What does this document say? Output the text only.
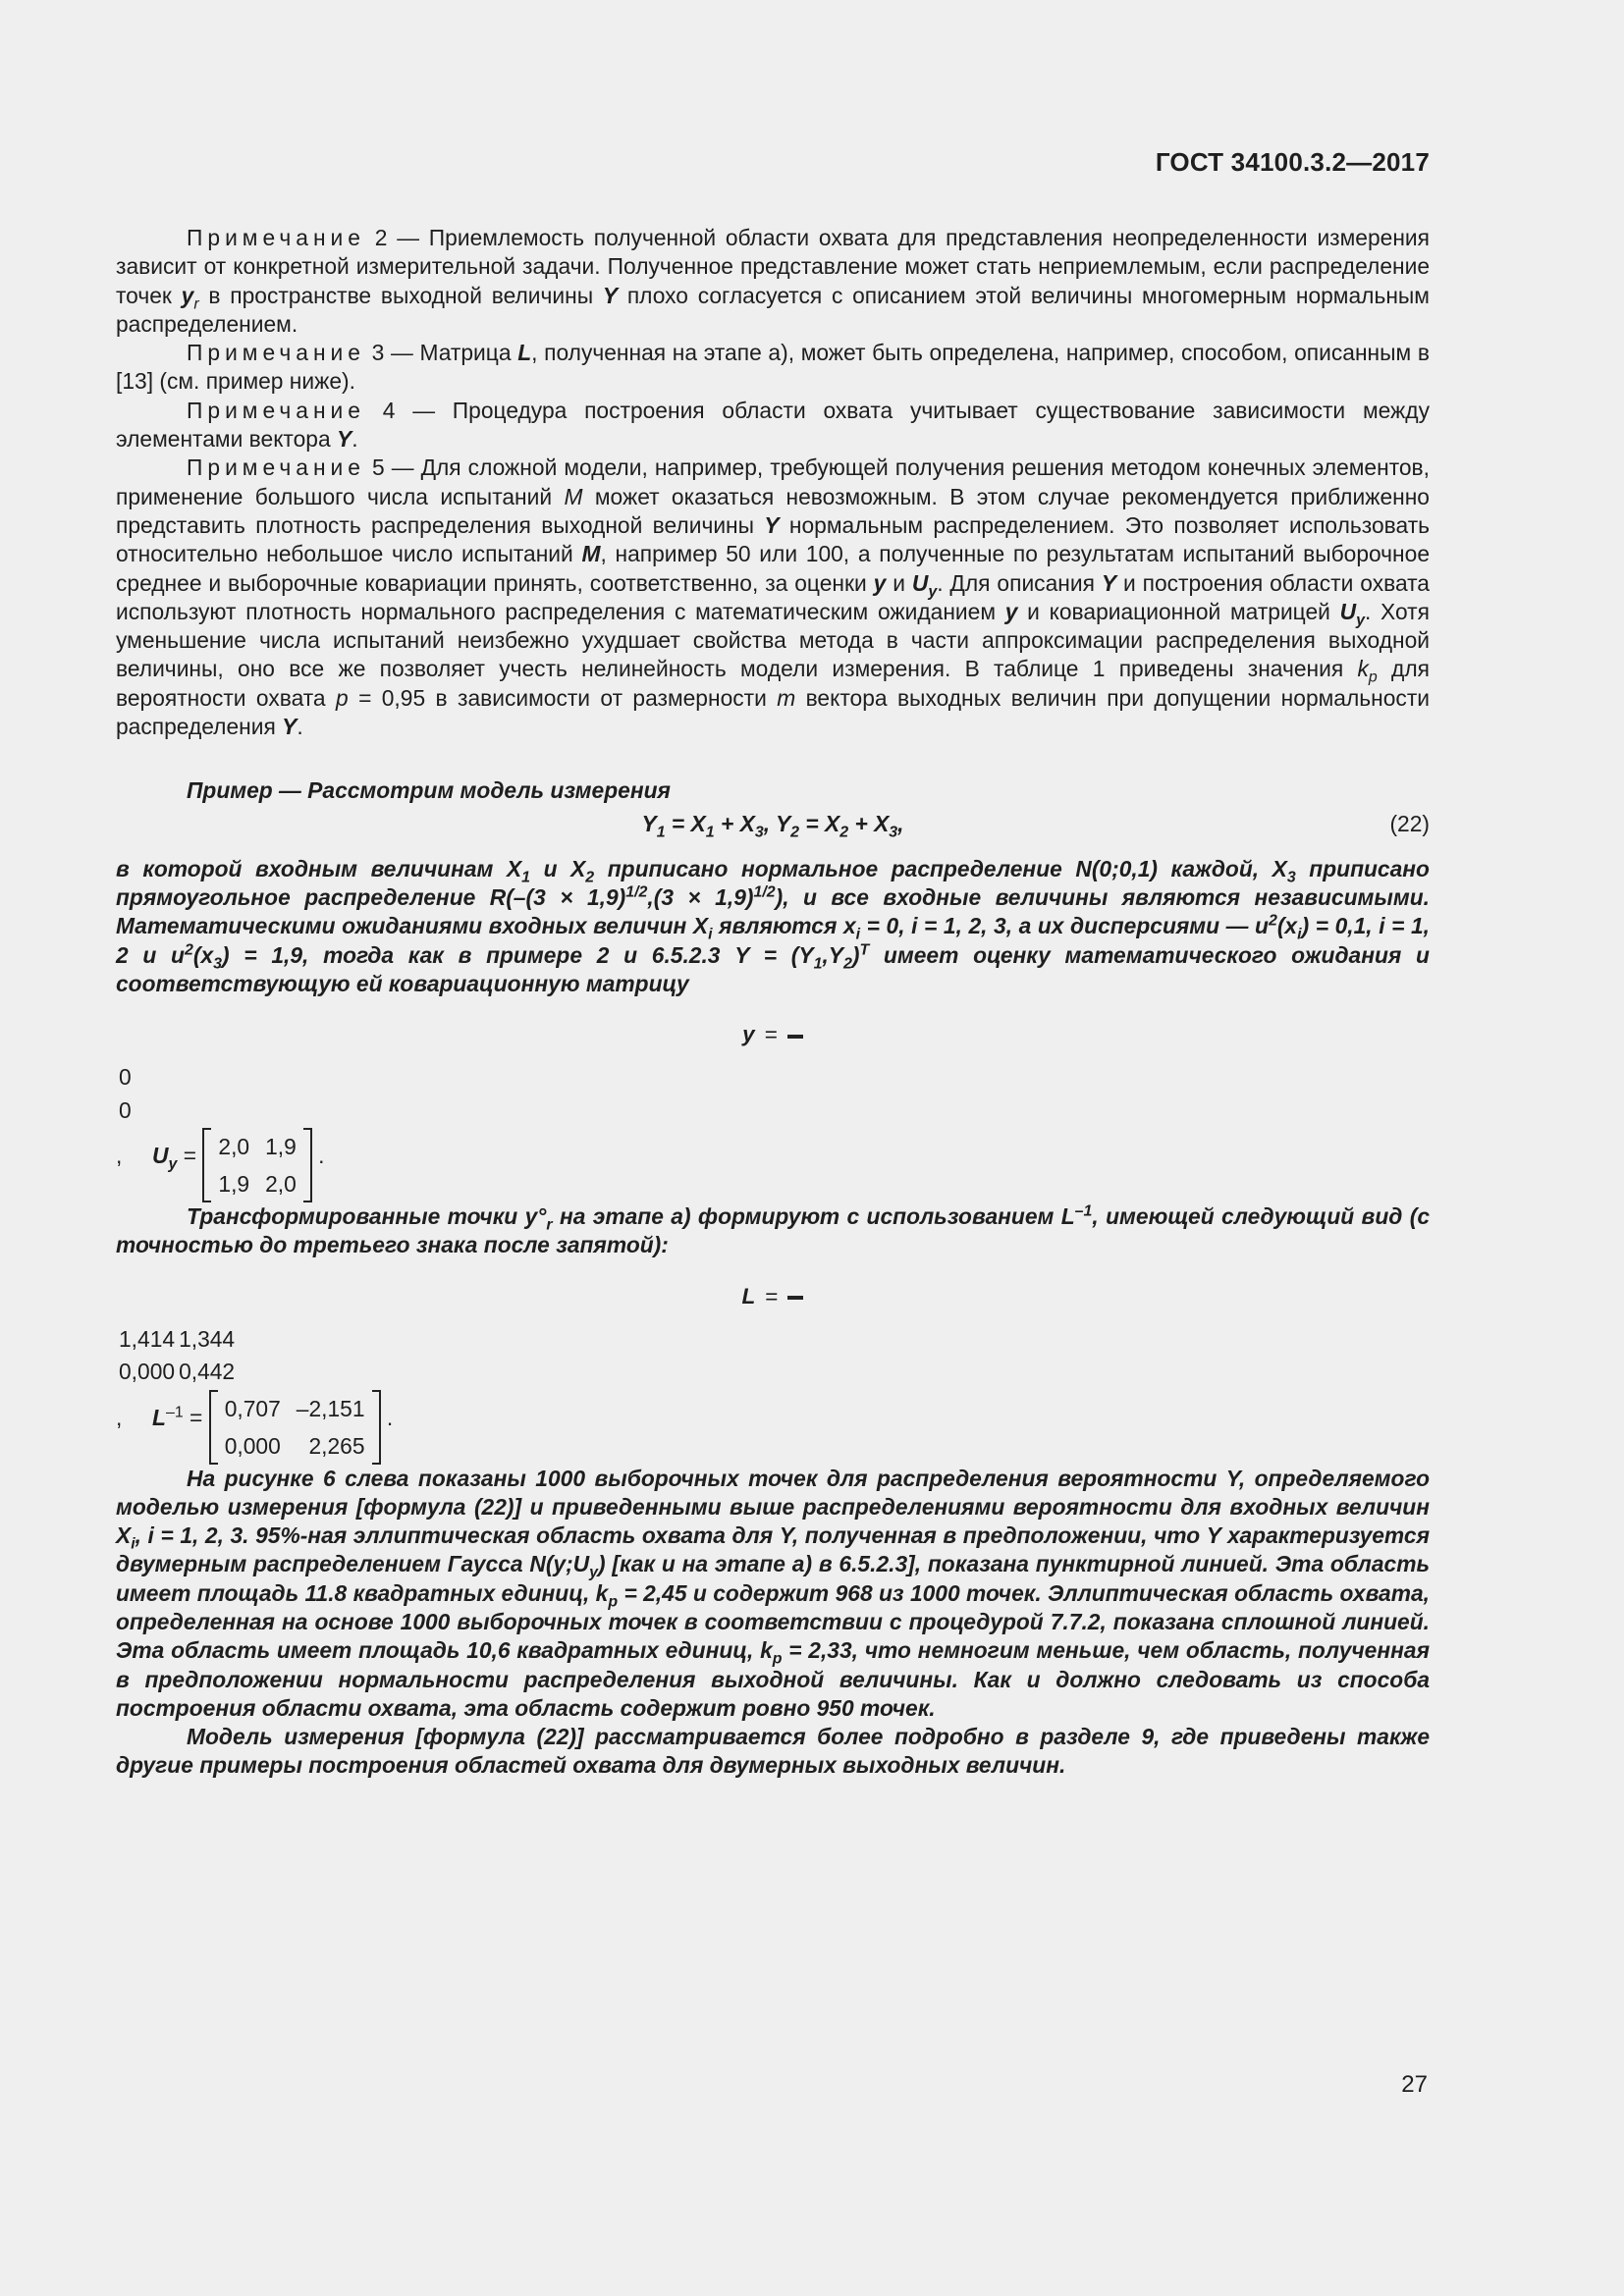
ГОСТ 34100.3.2—2017

Примечание 2 — Приемлемость полученной области охвата для представления неопределенности измерения зависит от конкретной измерительной задачи. Полученное представление может стать неприемлемым, если распределение точек $y_r$ в пространстве выходной величины Y плохо согласуется с описанием этой величины многомерным нормальным распределением.

Примечание 3 — Матрица L, полученная на этапе а), может быть определена, например, способом, описанным в [13] (см. пример ниже).

Примечание 4 — Процедура построения области охвата учитывает существование зависимости между элементами вектора Y.

Примечание 5 — Для сложной модели, например, требующей получения решения методом конечных элементов, применение большого числа испытаний M может оказаться невозможным. В этом случае рекомендуется приближенно представить плотность распределения выходной величины Y нормальным распределением. Это позволяет использовать относительно небольшое число испытаний M, например 50 или 100, а полученные по результатам испытаний выборочное среднее и выборочные ковариации принять, соответственно, за оценки y и $U_y$. Для описания Y и построения области охвата используют плотность нормального распределения с математическим ожиданием y и ковариационной матрицей $U_y$. Хотя уменьшение числа испытаний неизбежно ухудшает свойства метода в части аппроксимации распределения выходной величины, оно все же позволяет учесть нелинейность модели измерения. В таблице 1 приведены значения $k_p$ для вероятности охвата p = 0,95 в зависимости от размерности m вектора выходных величин при допущении нормальности распределения Y.

Пример — Рассмотрим модель измерения

$Y_1 = X_1 + X_3$, $Y_2 = X_2 + X_3$,	(22)

в которой входным величинам $X_1$ и $X_2$ приписано нормальное распределение N(0;0,1) каждой, $X_3$ приписано прямоугольное распределение $R(-(3 \times 1,9)^{1/2},(3 \times 1,9)^{1/2})$, и все входные величины являются независимыми. Математическими ожиданиями входных величин $X_i$ являются $x_i = 0$, i = 1, 2, 3, а их дисперсиями — $u^2(x_i) = 0,1$, i = 1, 2 и $u^2(x_3) = 1,9$, тогда как в примере 2 и 6.5.2.3 $Y = (Y_1,Y_2)^T$ имеет оценку математического ожидания и соответствующую ей ковариационную матрицу

y =

0
0
, $U_y = 2,0$	1,9
1,9	2,0
.

Трансформированные точки $y^\circ_r$ на этапе а) формируют с использованием $L^{-1}$, имеющей следующий вид (с точностью до третьего знака после запятой):

L =

1,414	1,344
0,000	0,442
, $L^{-1} = 0,707$	–2,151
0,000	2,265
.

На рисунке 6 слева показаны 1000 выборочных точек для распределения вероятности Y, определяемого моделью измерения [формула (22)] и приведенными выше распределениями вероятности для входных величин $X_i$, i = 1, 2, 3. 95%-ная эллиптическая область охвата для Y, полученная в предположении, что Y характеризуется двумерным распределением Гаусса $N(y;U_y)$ [как и на этапе а) в 6.5.2.3], показана пунктирной линией. Эта область имеет площадь 11.8 квадратных единиц, $k_p = 2,45$ и содержит 968 из 1000 точек. Эллиптическая область охвата, определенная на основе 1000 выборочных точек в соответствии с процедурой 7.7.2, показана сплошной линией. Эта область имеет площадь 10,6 квадратных единиц, $k_p = 2,33$, что немногим меньше, чем область, полученная в предположении нормальности распределения выходной величины. Как и должно следовать из способа построения области охвата, эта область содержит ровно 950 точек.

Модель измерения [формула (22)] рассматривается более подробно в разделе 9, где приведены также другие примеры построения областей охвата для двумерных выходных величин.

27
